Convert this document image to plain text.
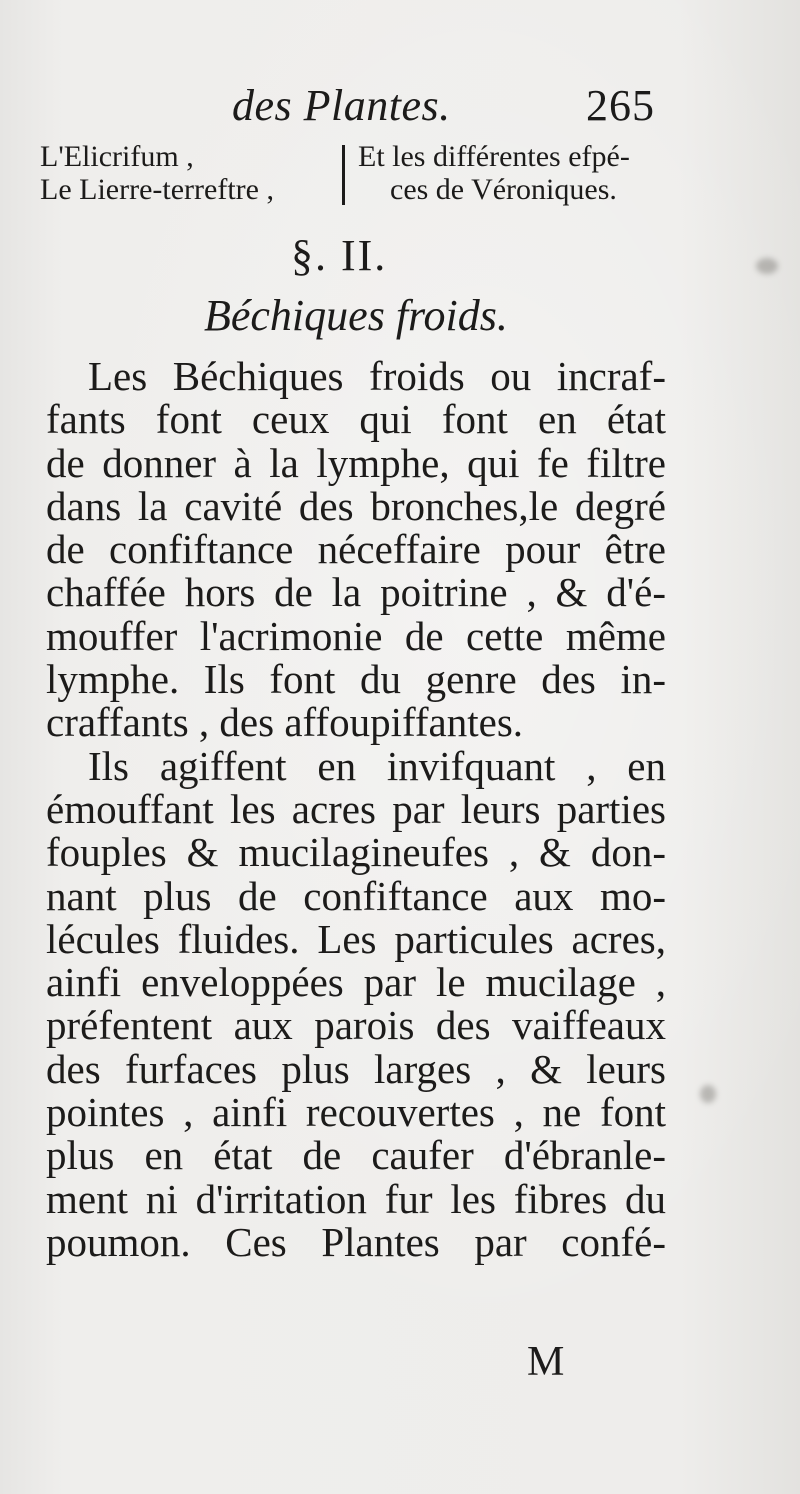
des Plantes.	265
L'Elicrifum ,
Le Lierre-terreftre ,
Et les différentes efpé-
ces de Véroniques.
§. II.
Béchiques froids.
Les Béchiques froids ou incraf-
fants font ceux qui font en état
de donner à la lymphe, qui fe filtre
dans la cavité des bronches,le degré
de confiftance néceffaire pour être
chaffée hors de la poitrine , & d'é-
mouffer l'acrimonie de cette même
lymphe. Ils font du genre des in-
craffants , des affoupiffantes.
Ils agiffent en invifquant , en
émouffant les acres par leurs parties
fouples & mucilagineufes , & don-
nant plus de confiftance aux mo-
lécules fluides. Les particules acres,
ainfi enveloppées par le mucilage ,
préfentent aux parois des vaiffeaux
des furfaces plus larges , & leurs
pointes , ainfi recouvertes , ne font
plus en état de caufer d'ébranle-
ment ni d'irritation fur les fibres du
poumon. Ces Plantes par confé-
M
